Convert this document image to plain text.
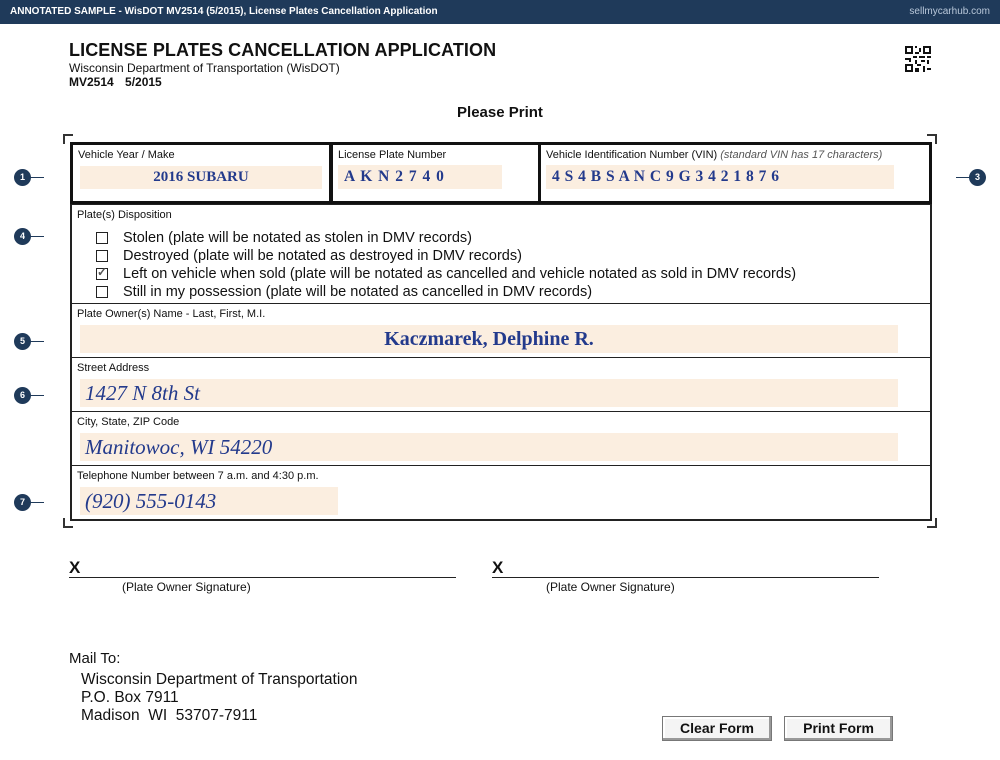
ANNOTATED SAMPLE - WisDOT MV2514 (5/2015), License Plates Cancellation Application	sellmycarhub.com
LICENSE PLATES CANCELLATION APPLICATION
Wisconsin Department of Transportation (WisDOT)
MV2514 5/2015
Please Print
Vehicle Year / Make
2016 SUBARU
License Plate Number
A K N 2 7 4 0
Vehicle Identification Number (VIN) (standard VIN has 17 characters)
4 S 4 B S A N C 9 G 3 4 2 1 8 7 6
Plate(s) Disposition
Stolen (plate will be notated as stolen in DMV records)
Destroyed (plate will be notated as destroyed in DMV records)
✓ Left on vehicle when sold (plate will be notated as cancelled and vehicle notated as sold in DMV records)
Still in my possession (plate will be notated as cancelled in DMV records)
Plate Owner(s) Name - Last, First, M.I.
Kaczmarek, Delphine R.
Street Address
1427 N 8th St
City, State, ZIP Code
Manitowoc, WI 54220
Telephone Number between 7 a.m. and 4:30 p.m.
(920) 555-0143
1	3
4
5
6
7
X
(Plate Owner Signature)
X
(Plate Owner Signature)
Mail To:
Wisconsin Department of Transportation
P.O. Box 7911
Madison  WI  53707-7911
Clear Form	Print Form
